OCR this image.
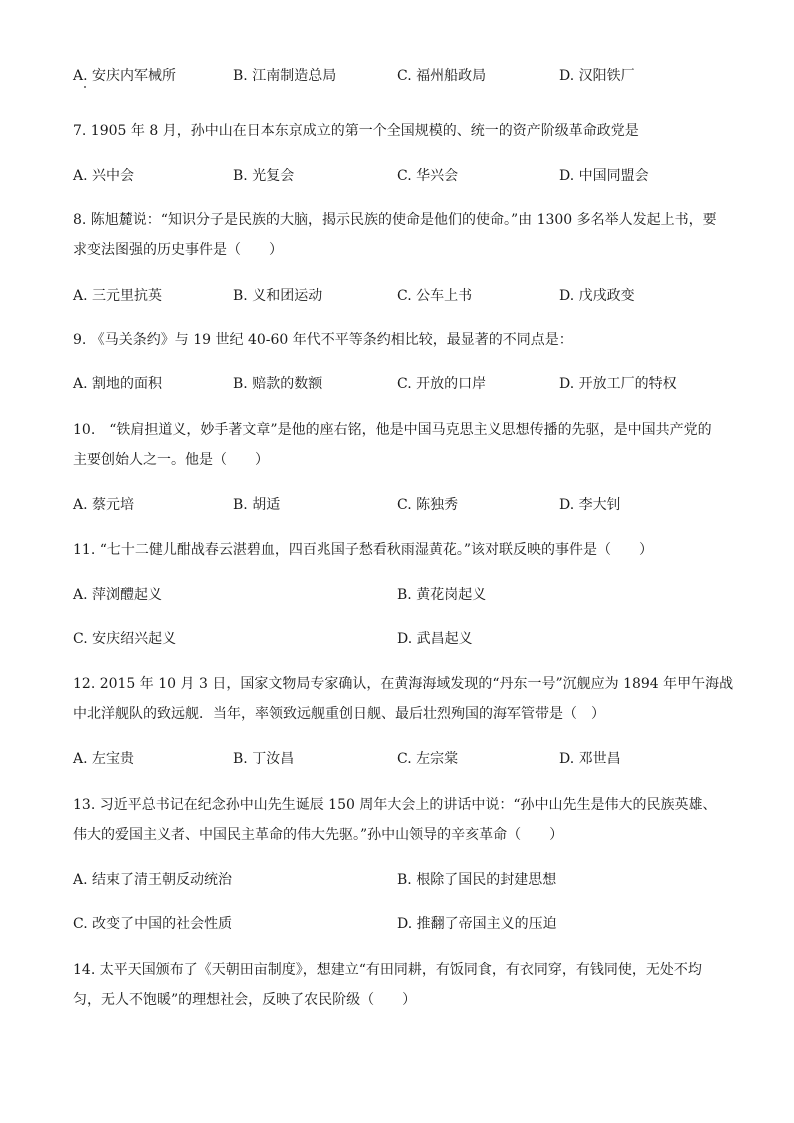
A. 安庆内军械所	B. 江南制造总局	C. 福州船政局	D. 汉阳铁厂
7. 1905 年 8 月，孙中山在日本东京成立的第一个全国规模的、统一的资产阶级革命政党是
A. 兴中会	B. 光复会	C. 华兴会	D. 中国同盟会
8. 陈旭麓说：“知识分子是民族的大脑，揭示民族的使命是他们的使命。”由 1300 多名举人发起上书，要
求变法图强的历史事件是（　　）
A. 三元里抗英	B. 义和团运动	C. 公车上书	D. 戊戌政变
9. 《马关条约》与 19 世纪 40-60 年代不平等条约相比较，最显著的不同点是：
A. 割地的面积	B. 赔款的数额	C. 开放的口岸	D. 开放工厂的特权
10.　“铁肩担道义，妙手著文章”是他的座右铭，他是中国马克思主义思想传播的先驱，是中国共产党的
主要创始人之一。他是（　　）
A. 蔡元培	B. 胡适	C. 陈独秀	D. 李大钊
11. “七十二健儿酣战春云湛碧血，四百兆国子愁看秋雨湿黄花。”该对联反映的事件是（　　）
A. 萍浏醴起义	B. 黄花岗起义
C. 安庆绍兴起义	D. 武昌起义
12. 2015 年 10 月 3 日，国家文物局专家确认，在黄海海域发现的“丹东一号”沉舰应为 1894 年甲午海战
中北洋舰队的致远舰．当年，率领致远舰重创日舰、最后壮烈殉国的海军管带是（　）
A. 左宝贵	B. 丁汝昌	C. 左宗棠	D. 邓世昌
13. 习近平总书记在纪念孙中山先生诞辰 150 周年大会上的讲话中说：“孙中山先生是伟大的民族英雄、
伟大的爱国主义者、中国民主革命的伟大先驱。”孙中山领导的辛亥革命（　　）
A. 结束了清王朝反动统治	B. 根除了国民的封建思想
C. 改变了中国的社会性质	D. 推翻了帝国主义的压迫
14. 太平天国颁布了《天朝田亩制度》，想建立“有田同耕，有饭同食，有衣同穿，有钱同使，无处不均
匀，无人不饱暖”的理想社会，反映了农民阶级（　　）
